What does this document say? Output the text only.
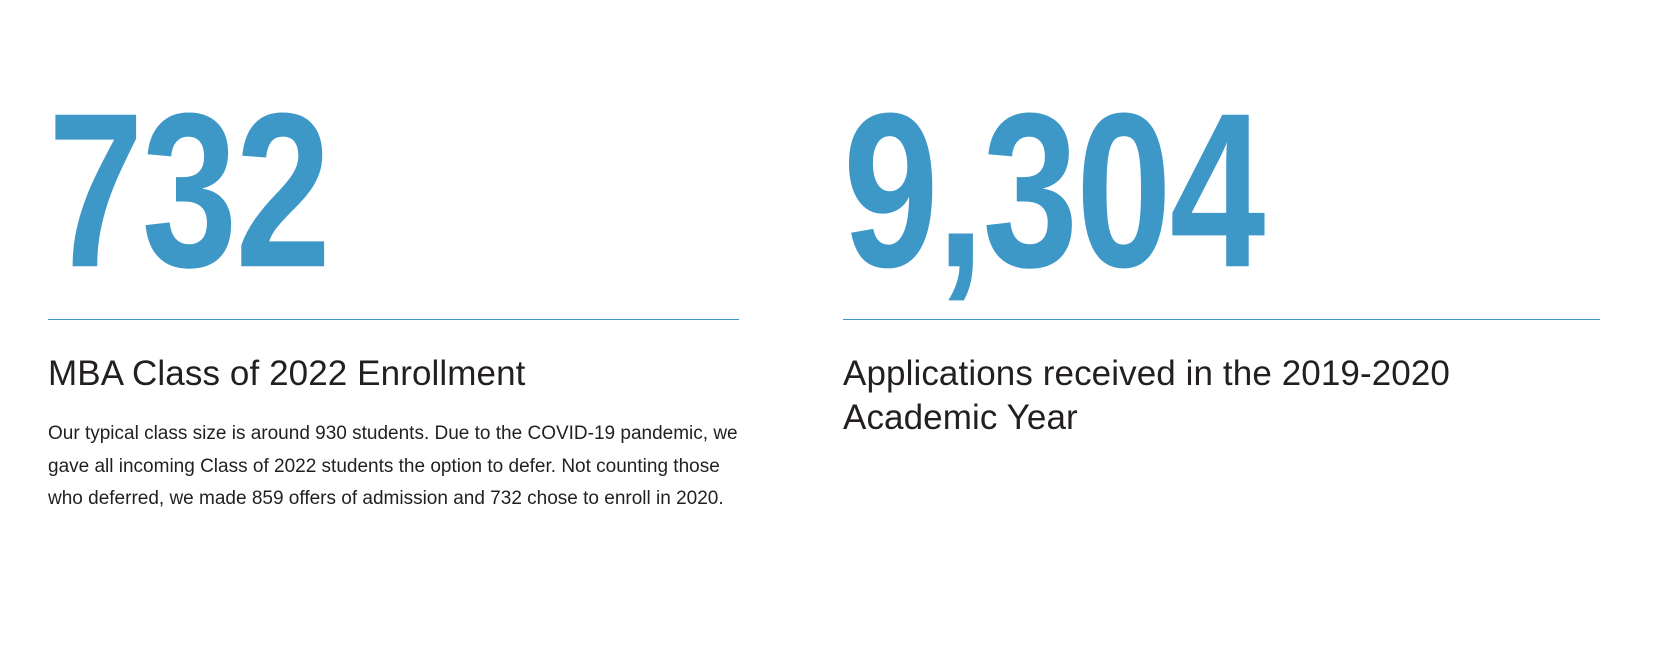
732
MBA Class of 2022 Enrollment

Our typical class size is around 930 students. Due to the COVID-19 pandemic, we gave all incoming Class of 2022 students the option to defer. Not counting those who deferred, we made 859 offers of admission and 732 chose to enroll in 2020.

9,304
Applications received in the 2019-2020 Academic Year
